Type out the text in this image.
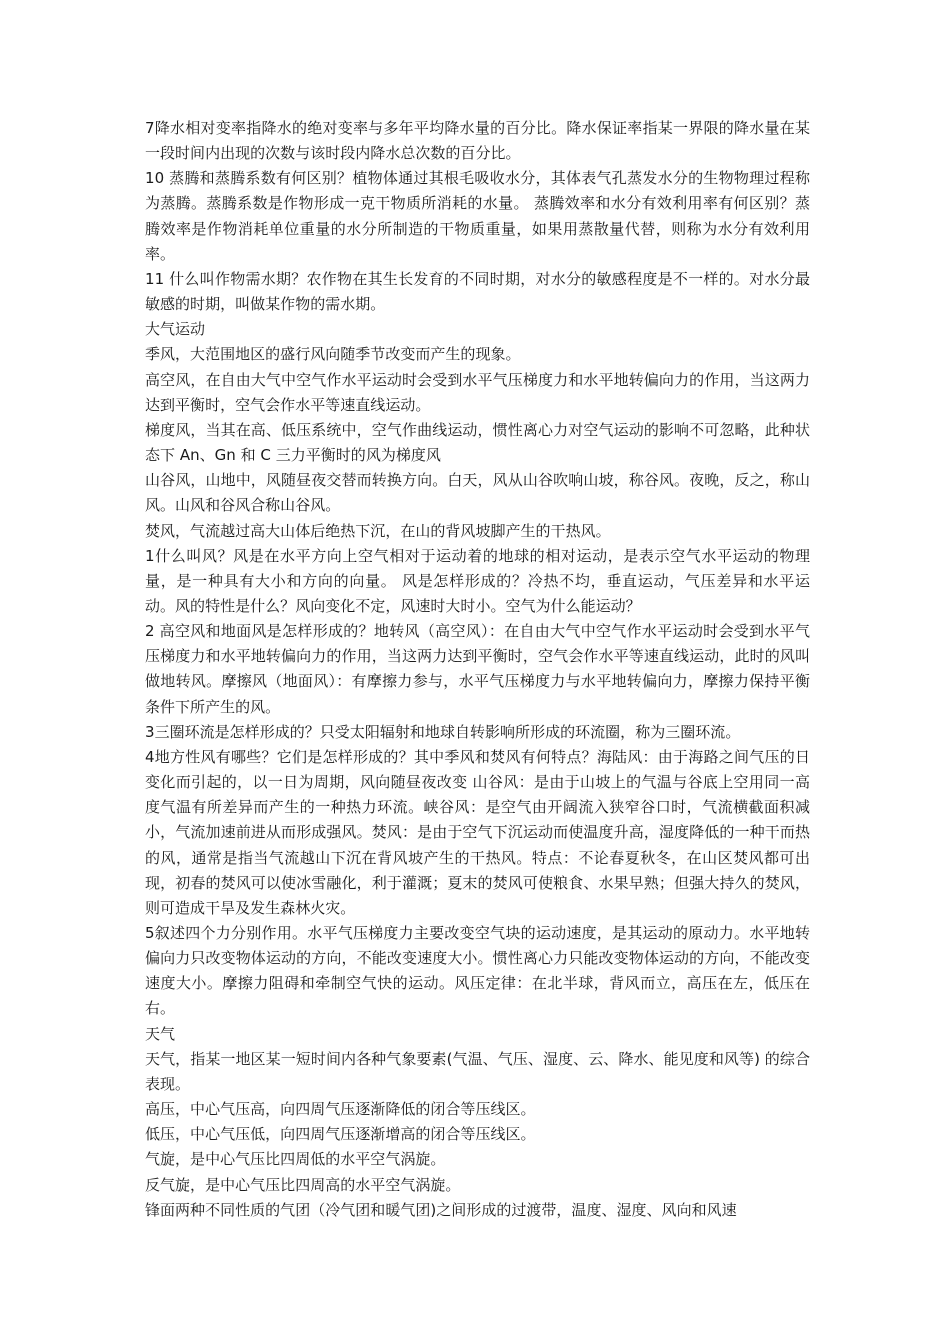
7降水相对变率指降水的绝对变率与多年平均降水量的百分比。降水保证率指某一界限的降水量在某一段时间内出现的次数与该时段内降水总次数的百分比。

10 蒸腾和蒸腾系数有何区别？植物体通过其根毛吸收水分，其体表气孔蒸发水分的生物物理过程称为蒸腾。蒸腾系数是作物形成一克干物质所消耗的水量。 蒸腾效率和水分有效利用率有何区别？蒸腾效率是作物消耗单位重量的水分所制造的干物质重量，如果用蒸散量代替，则称为水分有效利用率。

11 什么叫作物需水期？农作物在其生长发育的不同时期，对水分的敏感程度是不一样的。对水分最敏感的时期，叫做某作物的需水期。

大气运动

季风，大范围地区的盛行风向随季节改变而产生的现象。

高空风，在自由大气中空气作水平运动时会受到水平气压梯度力和水平地转偏向力的作用，当这两力达到平衡时，空气会作水平等速直线运动。

梯度风，当其在高、低压系统中，空气作曲线运动，惯性离心力对空气运动的影响不可忽略，此种状态下 An、Gn 和 C 三力平衡时的风为梯度风

山谷风，山地中，风随昼夜交替而转换方向。白天，风从山谷吹响山坡，称谷风。夜晚，反之，称山风。山风和谷风合称山谷风。

焚风，气流越过高大山体后绝热下沉，在山的背风坡脚产生的干热风。

1什么叫风？风是在水平方向上空气相对于运动着的地球的相对运动，是表示空气水平运动的物理量，是一种具有大小和方向的向量。 风是怎样形成的？冷热不均，垂直运动，气压差异和水平运动。风的特性是什么？风向变化不定，风速时大时小。空气为什么能运动？

2 高空风和地面风是怎样形成的？地转风（高空风）：在自由大气中空气作水平运动时会受到水平气压梯度力和水平地转偏向力的作用，当这两力达到平衡时，空气会作水平等速直线运动，此时的风叫做地转风。摩擦风（地面风）：有摩擦力参与，水平气压梯度力与水平地转偏向力，摩擦力保持平衡条件下所产生的风。

3三圈环流是怎样形成的？只受太阳辐射和地球自转影响所形成的环流圈，称为三圈环流。

4地方性风有哪些？它们是怎样形成的？其中季风和焚风有何特点？海陆风：由于海路之间气压的日变化而引起的，以一日为周期，风向随昼夜改变 山谷风：是由于山坡上的气温与谷底上空用同一高度气温有所差异而产生的一种热力环流。峡谷风：是空气由开阔流入狭窄谷口时，气流横截面积减小，气流加速前进从而形成强风。焚风：是由于空气下沉运动而使温度升高，湿度降低的一种干而热的风，通常是指当气流越山下沉在背风坡产生的干热风。特点：不论春夏秋冬，在山区焚风都可出现，初春的焚风可以使冰雪融化，利于灌溉；夏末的焚风可使粮食、水果早熟；但强大持久的焚风，则可造成干旱及发生森林火灾。

5叙述四个力分别作用。水平气压梯度力主要改变空气块的运动速度，是其运动的原动力。水平地转偏向力只改变物体运动的方向，不能改变速度大小。惯性离心力只能改变物体运动的方向，不能改变速度大小。摩擦力阻碍和牵制空气快的运动。风压定律：在北半球，背风而立，高压在左，低压在右。

天气

天气，指某一地区某一短时间内各种气象要素(气温、气压、湿度、云、降水、能见度和风等) 的综合表现。

高压，中心气压高，向四周气压逐渐降低的闭合等压线区。

低压，中心气压低，向四周气压逐渐增高的闭合等压线区。

气旋，是中心气压比四周低的水平空气涡旋。

反气旋，是中心气压比四周高的水平空气涡旋。

锋面两种不同性质的气团（冷气团和暖气团)之间形成的过渡带，温度、湿度、风向和风速
